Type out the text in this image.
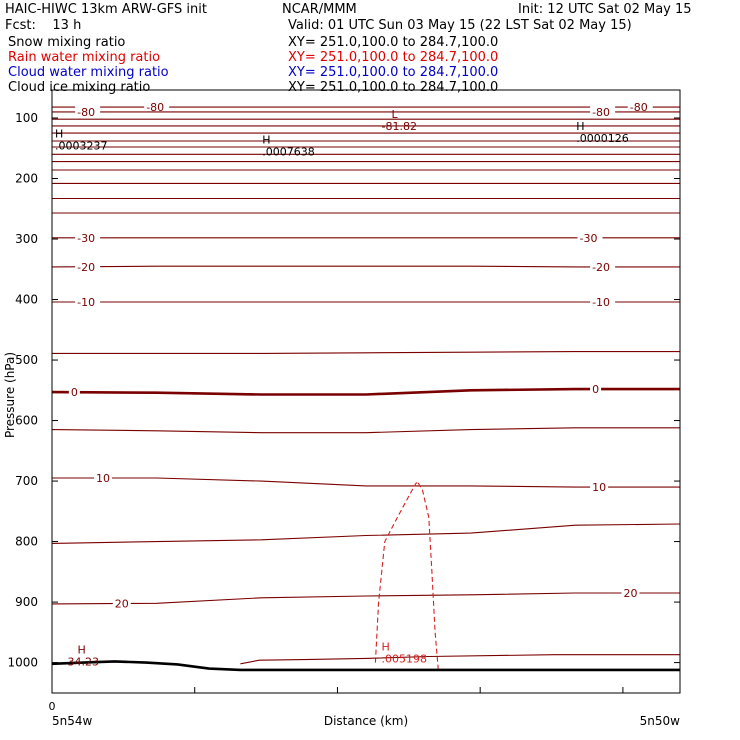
HAIC-HIWC 13km ARW-GFS init	NCAR/MMM	Init: 12 UTC Sat 02 May 15
Fcst:    13 h	Valid: 01 UTC Sun 03 May 15 (22 LST Sat 02 May 15)
Snow mixing ratio	XY= 251.0,100.0 to 284.7,100.0
Rain water mixing ratio	XY= 251.0,100.0 to 284.7,100.0
Cloud water mixing ratio	XY= 251.0,100.0 to 284.7,100.0
Cloud ice mixing ratio	XY= 251.0,100.0 to 284.7,100.0
-80	-80
-80	-80
-30	-30
-20	-20
-10	-10
0	0
10
10
20
20
H
.0003237	H
.0007638
L
-81.82	H
.0000126
H
34.23
H
.005198
100
200
300
400
500
600
700
800
900
1000
Pressure (hPa)
Distance (km)
0
5n54w	5n50w
